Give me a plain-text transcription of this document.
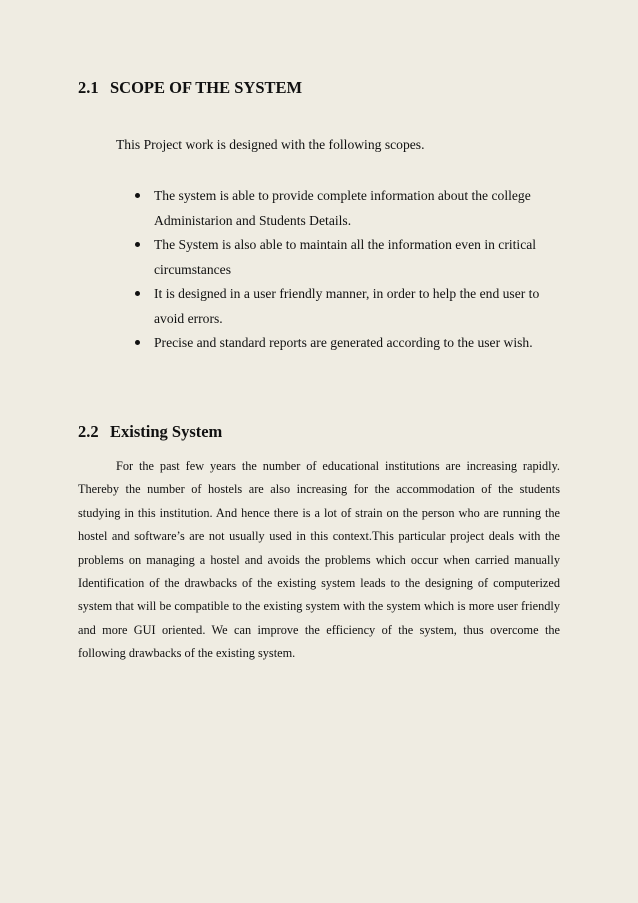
2.1 SCOPE OF THE SYSTEM

This Project work is designed with the following scopes.

The system is able to provide complete information about the college Administarion and Students Details.
The System is also able to maintain all the information even in critical circumstances
It is designed in a user friendly manner, in order to help the end user to avoid errors.
Precise and standard reports are generated according to the user wish.
2.2 Existing System

For the past few years the number of educational institutions are increasing rapidly. Thereby the number of hostels are also increasing for the accommodation of the students studying in this institution. And hence there is a lot of strain on the person who are running the hostel and software’s are not usually used in this context.This particular project deals with the problems on managing a hostel and avoids the problems which occur when carried manually Identification of the drawbacks of the existing system leads to the designing of computerized system that will be compatible to the existing system with the system which is more user friendly and more GUI oriented. We can improve the efficiency of the system, thus overcome the following drawbacks of the existing system.
